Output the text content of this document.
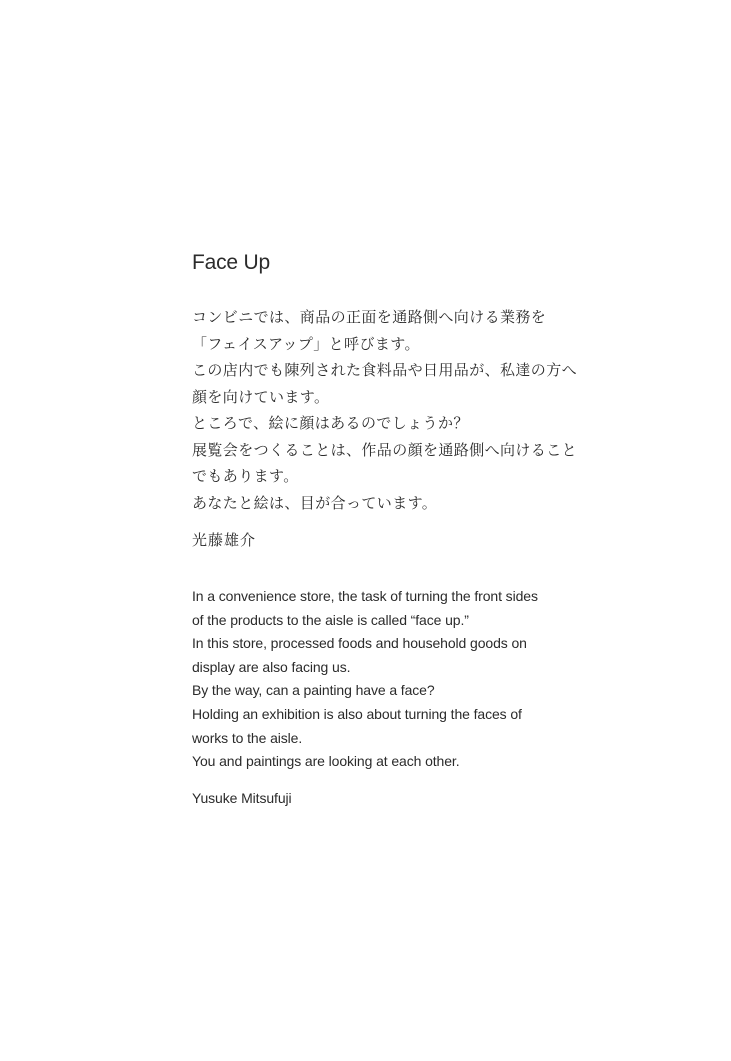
Face Up

コンビニでは、商品の正面を通路側へ向ける業務を

「フェイスアップ」と呼びます。

この店内でも陳列された食料品や日用品が、私達の方へ

顔を向けています。

ところで、絵に顔はあるのでしょうか？

展覧会をつくることは、作品の顔を通路側へ向けること

でもあります。

あなたと絵は、目が合っています。

光藤雄介

In a convenience store, the task of turning the front sides

of the products to the aisle is called “face up.”

In this store, processed foods and household goods on

display are also facing us.

By the way, can a painting have a face?

Holding an exhibition is also about turning the faces of

works to the aisle.

You and paintings are looking at each other.

Yusuke Mitsufuji
